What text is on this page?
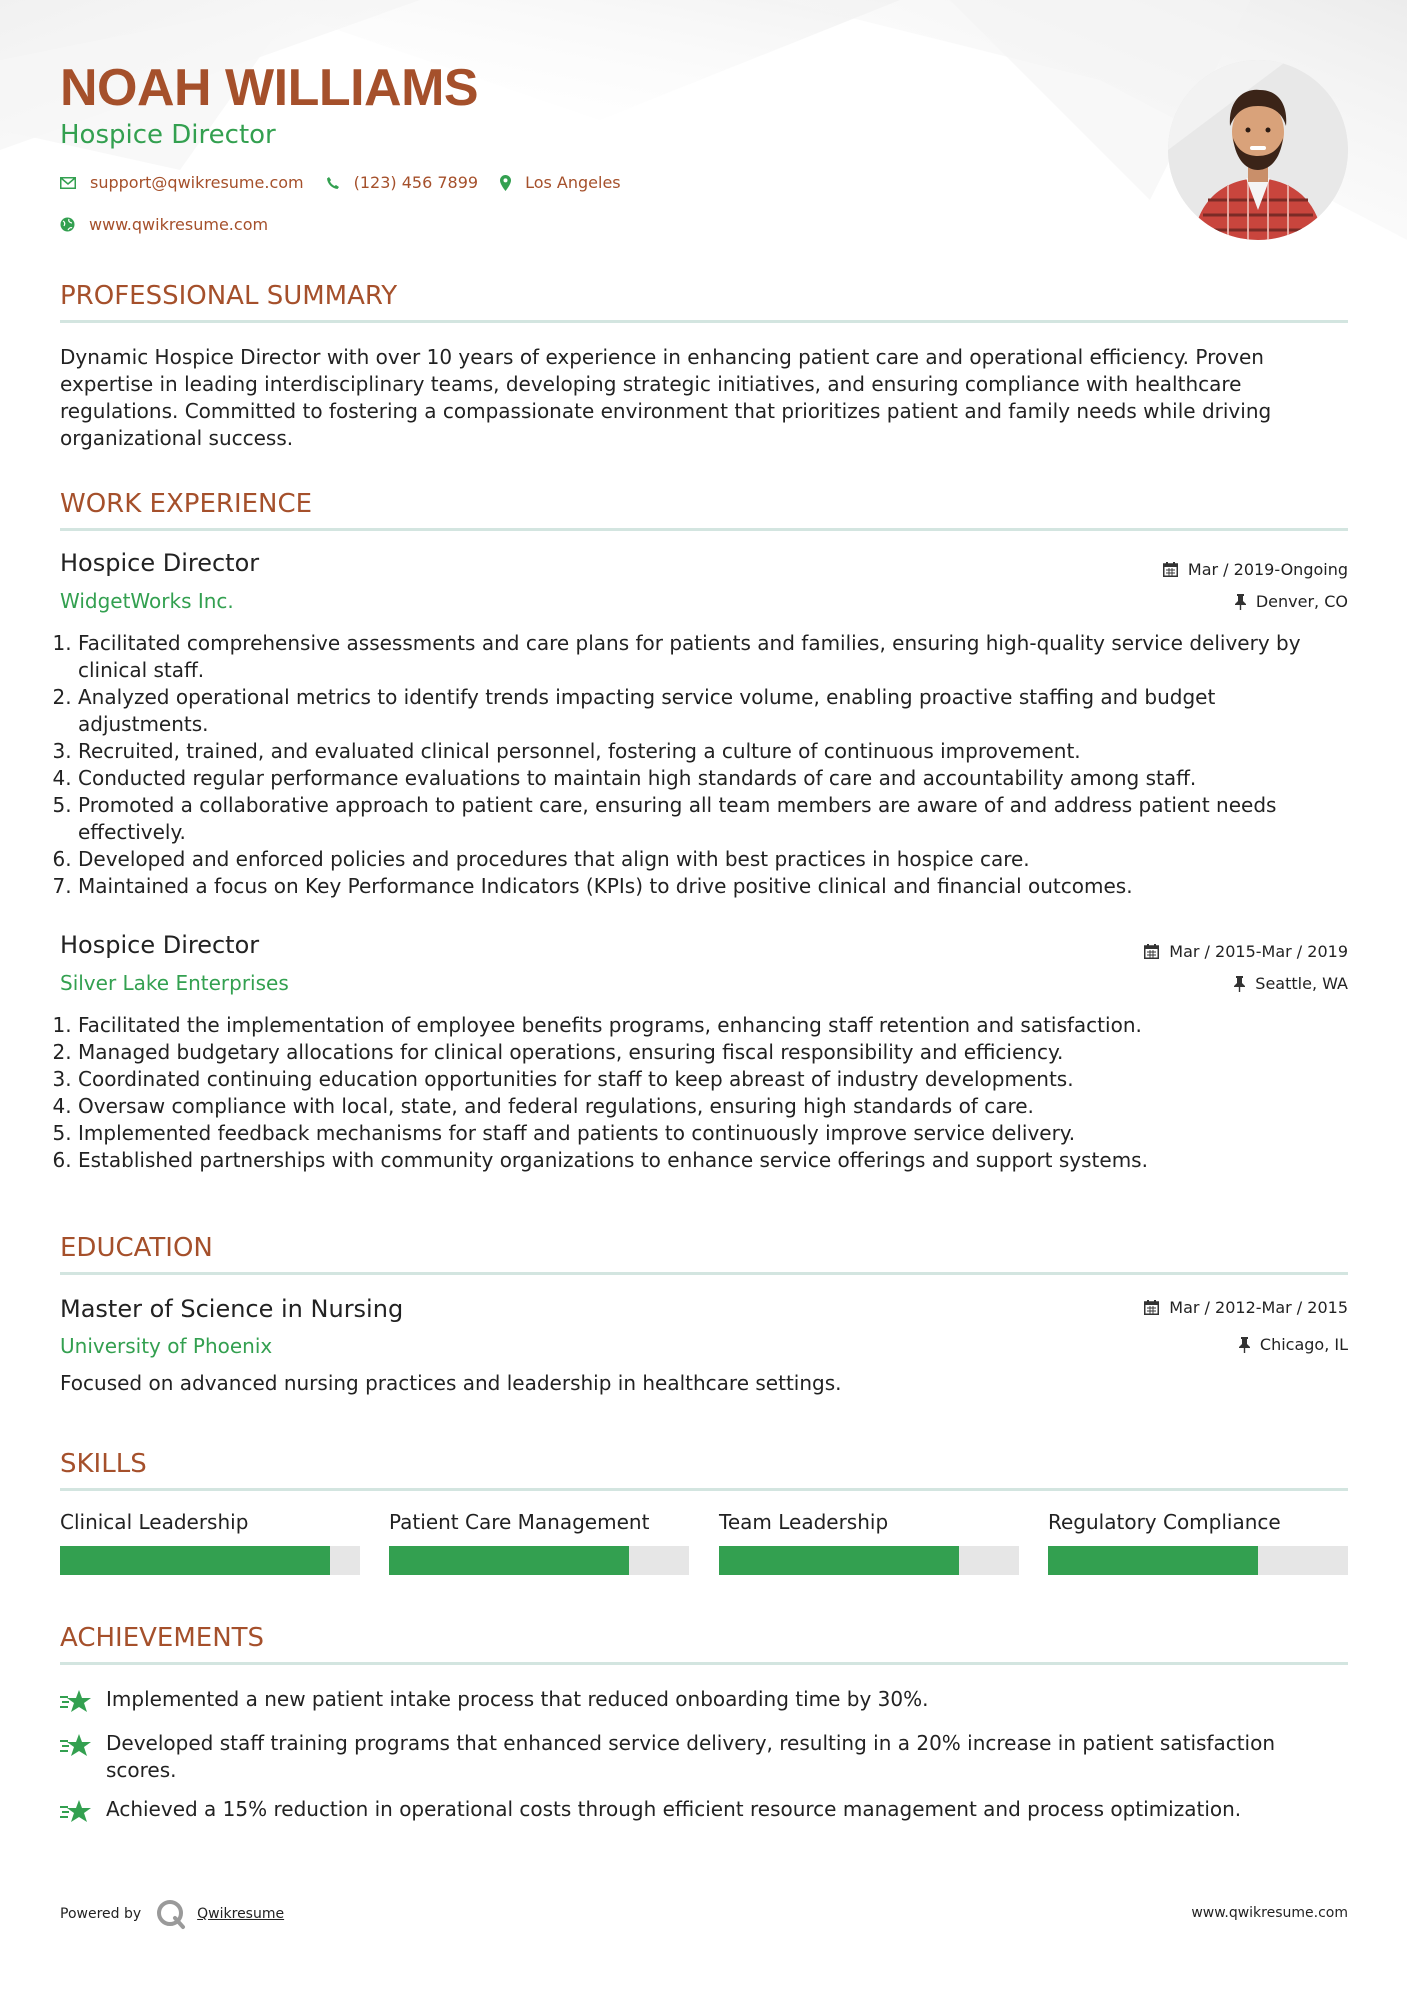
NOAH WILLIAMS
Hospice Director
support@qwikresume.com	(123) 456 7899	Los Angeles
www.qwikresume.com
PROFESSIONAL SUMMARY
Dynamic Hospice Director with over 10 years of experience in enhancing patient care and operational efficiency. Proven expertise in leading interdisciplinary teams, developing strategic initiatives, and ensuring compliance with healthcare regulations. Committed to fostering a compassionate environment that prioritizes patient and family needs while driving organizational success.
WORK EXPERIENCE
Hospice Director	Mar / 2019-Ongoing
WidgetWorks Inc.	Denver, CO
1. Facilitated comprehensive assessments and care plans for patients and families, ensuring high-quality service delivery by clinical staff.
2. Analyzed operational metrics to identify trends impacting service volume, enabling proactive staffing and budget adjustments.
3. Recruited, trained, and evaluated clinical personnel, fostering a culture of continuous improvement.
4. Conducted regular performance evaluations to maintain high standards of care and accountability among staff.
5. Promoted a collaborative approach to patient care, ensuring all team members are aware of and address patient needs effectively.
6. Developed and enforced policies and procedures that align with best practices in hospice care.
7. Maintained a focus on Key Performance Indicators (KPIs) to drive positive clinical and financial outcomes.
Hospice Director	Mar / 2015-Mar / 2019
Silver Lake Enterprises	Seattle, WA
1. Facilitated the implementation of employee benefits programs, enhancing staff retention and satisfaction.
2. Managed budgetary allocations for clinical operations, ensuring fiscal responsibility and efficiency.
3. Coordinated continuing education opportunities for staff to keep abreast of industry developments.
4. Oversaw compliance with local, state, and federal regulations, ensuring high standards of care.
5. Implemented feedback mechanisms for staff and patients to continuously improve service delivery.
6. Established partnerships with community organizations to enhance service offerings and support systems.
EDUCATION
Master of Science in Nursing	Mar / 2012-Mar / 2015
University of Phoenix	Chicago, IL
Focused on advanced nursing practices and leadership in healthcare settings.
SKILLS
Clinical Leadership	Patient Care Management	Team Leadership	Regulatory Compliance
ACHIEVEMENTS
Implemented a new patient intake process that reduced onboarding time by 30%.
Developed staff training programs that enhanced service delivery, resulting in a 20% increase in patient satisfaction scores.
Achieved a 15% reduction in operational costs through efficient resource management and process optimization.
Powered by	Qwikresume	www.qwikresume.com
